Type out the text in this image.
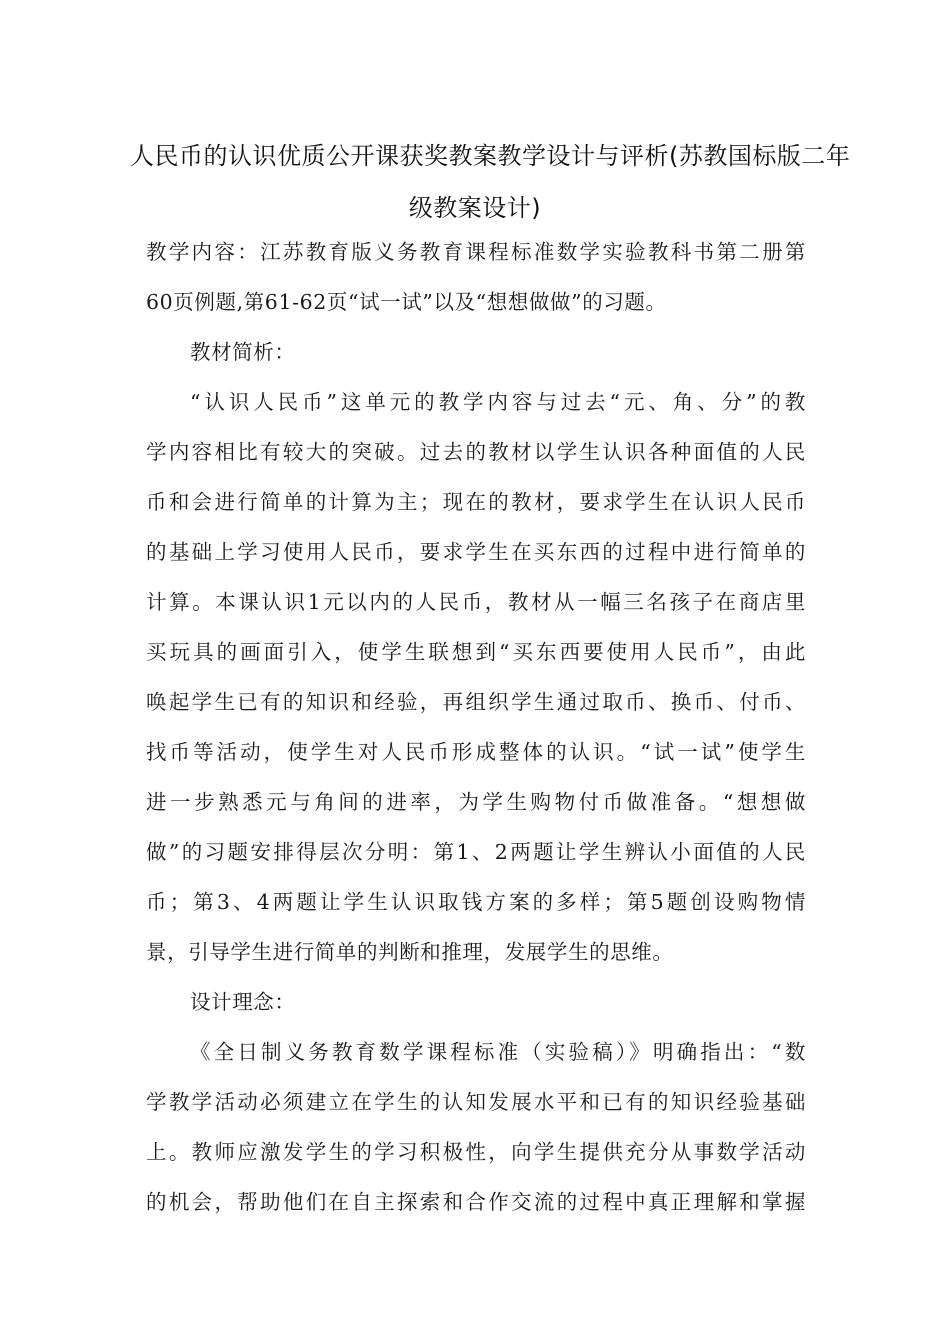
人民币的认识优质公开课获奖教案教学设计与评析(苏教国标版二年
级教案设计)
教学内容：江苏教育版义务教育课程标准数学实验教科书第二册第
60页例题,第61-62页“试一试”以及“想想做做”的习题。
教材简析：
“认识人民币”这单元的教学内容与过去“元、角、分”的教
学内容相比有较大的突破。过去的教材以学生认识各种面值的人民
币和会进行简单的计算为主；现在的教材，要求学生在认识人民币
的基础上学习使用人民币，要求学生在买东西的过程中进行简单的
计算。本课认识1元以内的人民币，教材从一幅三名孩子在商店里
买玩具的画面引入，使学生联想到“买东西要使用人民币”，由此
唤起学生已有的知识和经验，再组织学生通过取币、换币、付币、
找币等活动，使学生对人民币形成整体的认识。“试一试”使学生
进一步熟悉元与角间的进率，为学生购物付币做准备。“想想做
做”的习题安排得层次分明：第1、2两题让学生辨认小面值的人民
币；第3、4两题让学生认识取钱方案的多样；第5题创设购物情
景，引导学生进行简单的判断和推理，发展学生的思维。
设计理念：
《全日制义务教育数学课程标准（实验稿）》明确指出：“数
学教学活动必须建立在学生的认知发展水平和已有的知识经验基础
上。教师应激发学生的学习积极性，向学生提供充分从事数学活动
的机会，帮助他们在自主探索和合作交流的过程中真正理解和掌握
